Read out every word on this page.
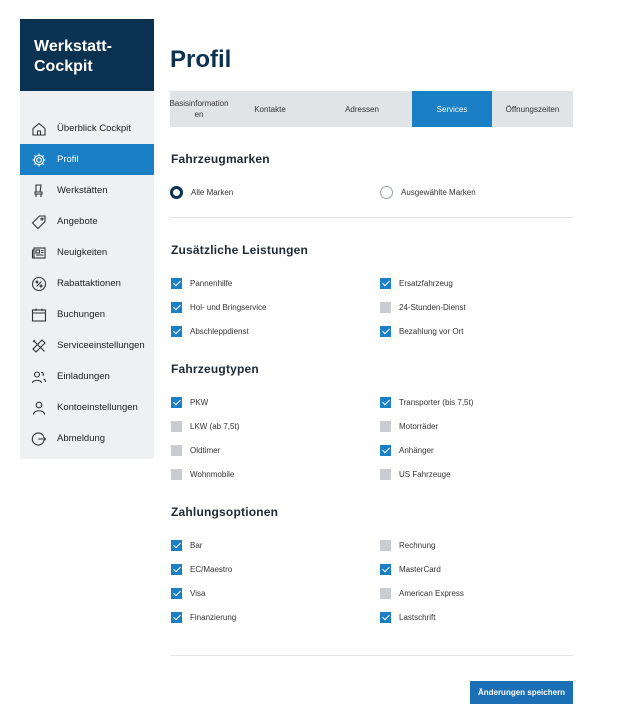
Werkstatt-
Cockpit
Überblick Cockpit
Profil
Werkstätten
Angebote
Neuigkeiten
Rabattaktionen
Buchungen
Serviceeinstellungen
Einladungen
Kontoeinstellungen
Abmeldung
Profil
Basisinformation
en
Kontakte	Adressen	Services	Öffnungszeiten
Fahrzeugmarken
Alle Marken	Ausgewählte Marken
Zusätzliche Leistungen
Pannenhilfe	Ersatzfahrzeug
Hol- und Bringservice	24-Stunden-Dienst
Abschleppdienst	Bezahlung vor Ort
Fahrzeugtypen
PKW	Transporter (bis 7,5t)
LKW (ab 7,5t)	Motorräder
Oldtimer	Anhänger
Wohnmobile	US Fahrzeuge
Zahlungsoptionen
Bar	Rechnung
EC/Maestro	MasterCard
Visa	American Express
Finanzierung	Lastschrift
Änderungen speichern
